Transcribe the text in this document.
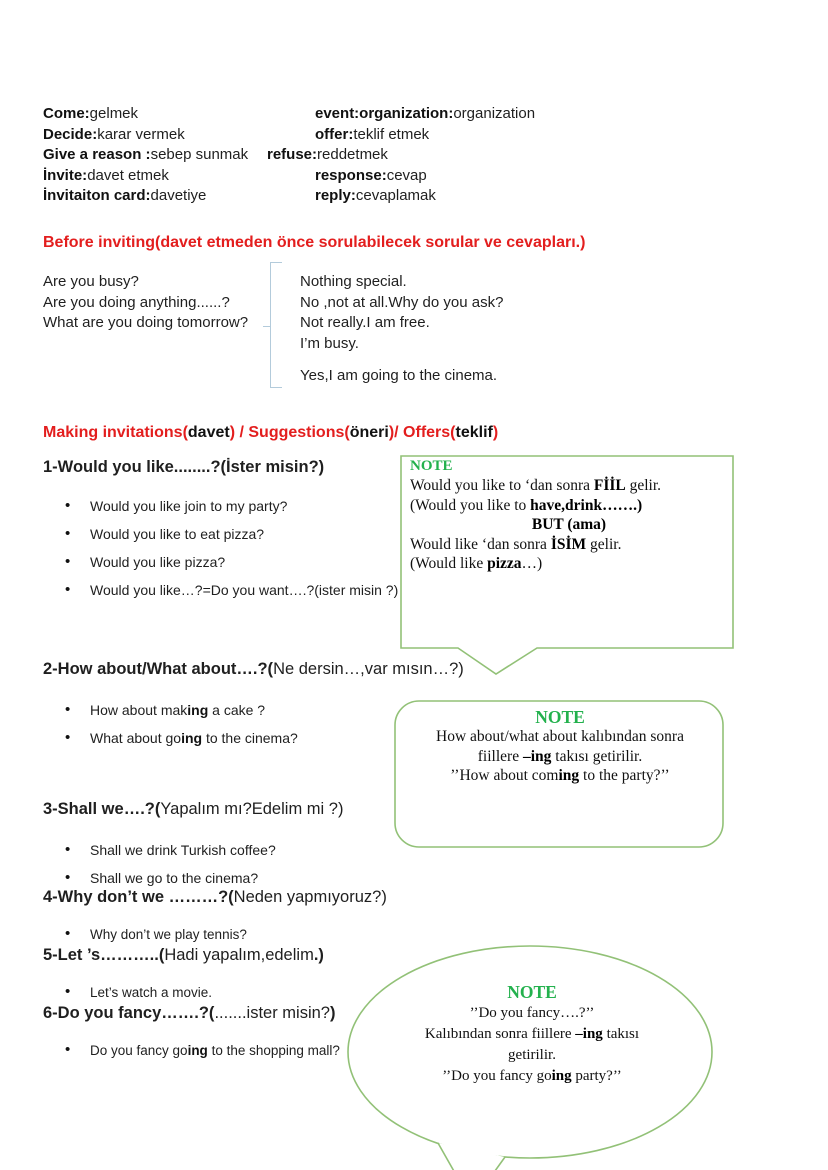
Come:gelmek
Decide:karar vermek
Give a reason :sebep sunmak
İnvite:davet etmek
İnvitaiton card:davetiye
event:organization:organization
offer:teklif etmek
refuse:reddetmek
response:cevap
reply:cevaplamak
Before inviting(davet etmeden önce sorulabilecek sorular ve cevapları.)
Are you busy?
Are you doing anything......?
What are you doing tomorrow?
Nothing special.
No ,not at all.Why do you ask?
Not really.I am free.
I’m busy.
Yes,I am going to the cinema.
Making invitations(davet) / Suggestions(öneri)/ Offers(teklif)
1-Would you like........?(İster misin?)
• Would you like join to my party?
• Would you like to eat pizza?
• Would you like pizza?
• Would you like…?=Do you want….?(ister misin ?)
NOTE
Would you like to ‘dan sonra FİİL gelir.
(Would you like to have,drink…….)
BUT (ama)
Would like ‘dan sonra İSİM gelir.
(Would like pizza…)
2-How about/What about….?(Ne dersin…,var mısın…?)
• How about making a cake ?
• What about going to the cinema?
NOTE
How about/what about kalıbından sonra
fiillere –ing takısı getirilir.
’’How about coming to the party?’’
3-Shall we….?(Yapalım mı?Edelim mi ?)
• Shall we drink Turkish coffee?
• Shall we go to the cinema?
4-Why don’t we ………?(Neden yapmıyoruz?)
• Why don’t we play tennis?
5-Let ’s………..(Hadi yapalım,edelim.)
• Let’s watch a movie.
6-Do you fancy…….?(.......ister misin?)
• Do you fancy going to the shopping mall?
NOTE
’’Do you fancy….?’’
Kalıbından sonra fiillere –ing takısı
getirilir.
’’Do you fancy going party?’’
